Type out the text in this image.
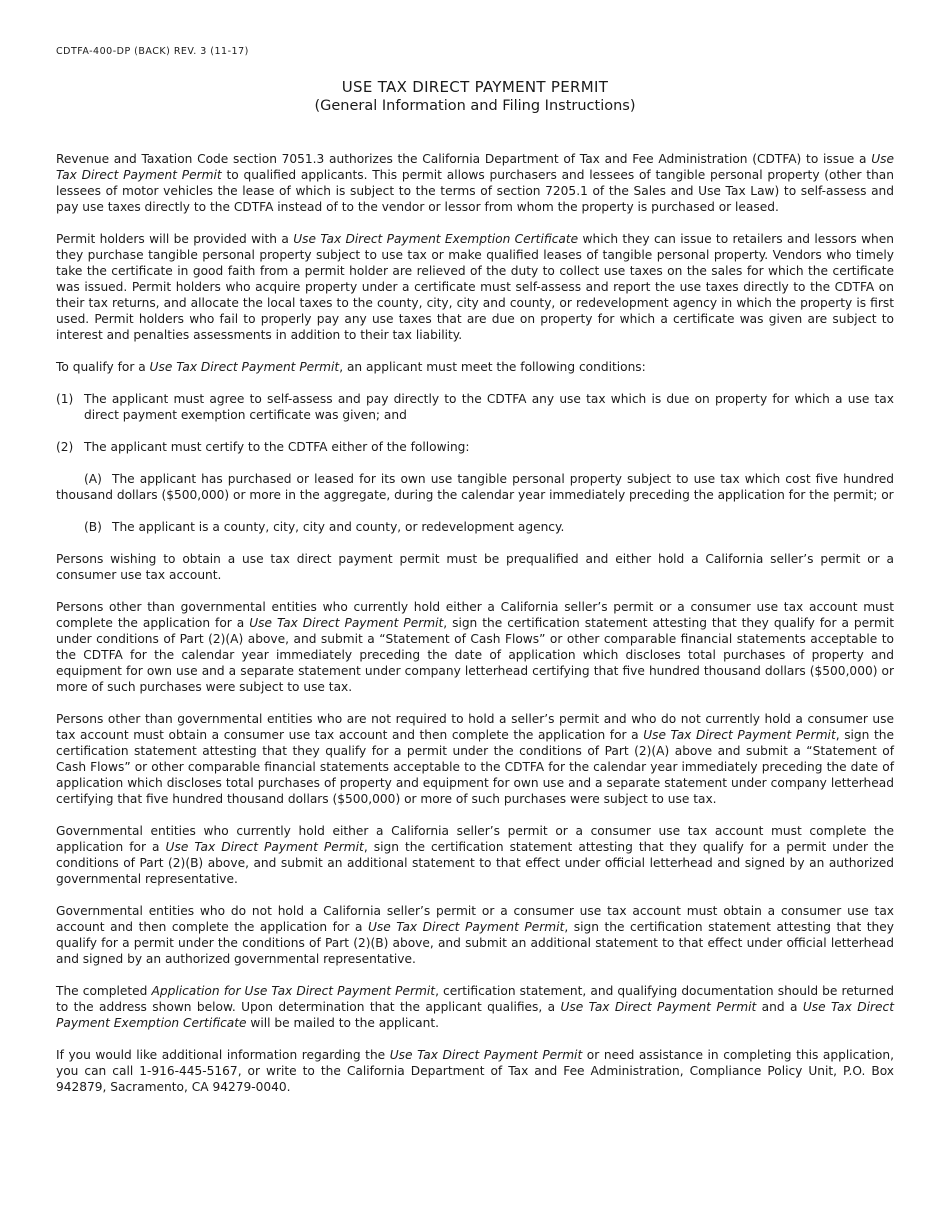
CDTFA-400-DP (BACK) REV. 3 (11-17)
USE TAX DIRECT PAYMENT PERMIT
(General Information and Filing Instructions)

Revenue and Taxation Code section 7051.3 authorizes the California Department of Tax and Fee Administration (CDTFA) to issue a Use Tax Direct Payment Permit to qualified applicants. This permit allows purchasers and lessees of tangible personal property (other than lessees of motor vehicles the lease of which is subject to the terms of section 7205.1 of the Sales and Use Tax Law) to self-assess and pay use taxes directly to the CDTFA instead of to the vendor or lessor from whom the property is purchased or leased.

Permit holders will be provided with a Use Tax Direct Payment Exemption Certificate which they can issue to retailers and lessors when they purchase tangible personal property subject to use tax or make qualified leases of tangible personal property. Vendors who timely take the certificate in good faith from a permit holder are relieved of the duty to collect use taxes on the sales for which the certificate was issued. Permit holders who acquire property under a certificate must self-assess and report the use taxes directly to the CDTFA on their tax returns, and allocate the local taxes to the county, city, city and county, or redevelopment agency in which the property is first used. Permit holders who fail to properly pay any use taxes that are due on property for which a certificate was given are subject to interest and penalties assessments in addition to their tax liability.

To qualify for a Use Tax Direct Payment Permit, an applicant must meet the following conditions:

(1) The applicant must agree to self-assess and pay directly to the CDTFA any use tax which is due on property for which a use tax direct payment exemption certificate was given; and
(2) The applicant must certify to the CDTFA either of the following:
(A) The applicant has purchased or leased for its own use tangible personal property subject to use tax which cost five hundred thousand dollars ($500,000) or more in the aggregate, during the calendar year immediately preceding the application for the permit; or
(B) The applicant is a county, city, city and county, or redevelopment agency.

Persons wishing to obtain a use tax direct payment permit must be prequalified and either hold a California seller’s permit or a consumer use tax account.

Persons other than governmental entities who currently hold either a California seller’s permit or a consumer use tax account must complete the application for a Use Tax Direct Payment Permit, sign the certification statement attesting that they qualify for a permit under conditions of Part (2)(A) above, and submit a “Statement of Cash Flows” or other comparable financial statements acceptable to the CDTFA for the calendar year immediately preceding the date of application which discloses total purchases of property and equipment for own use and a separate statement under company letterhead certifying that five hundred thousand dollars ($500,000) or more of such purchases were subject to use tax.

Persons other than governmental entities who are not required to hold a seller’s permit and who do not currently hold a consumer use tax account must obtain a consumer use tax account and then complete the application for a Use Tax Direct Payment Permit, sign the certification statement attesting that they qualify for a permit under the conditions of Part (2)(A) above and submit a “Statement of Cash Flows” or other comparable financial statements acceptable to the CDTFA for the calendar year immediately preceding the date of application which discloses total purchases of property and equipment for own use and a separate statement under company letterhead certifying that five hundred thousand dollars ($500,000) or more of such purchases were subject to use tax.

Governmental entities who currently hold either a California seller’s permit or a consumer use tax account must complete the application for a Use Tax Direct Payment Permit, sign the certification statement attesting that they qualify for a permit under the conditions of Part (2)(B) above, and submit an additional statement to that effect under official letterhead and signed by an authorized governmental representative.

Governmental entities who do not hold a California seller’s permit or a consumer use tax account must obtain a consumer use tax account and then complete the application for a Use Tax Direct Payment Permit, sign the certification statement attesting that they qualify for a permit under the conditions of Part (2)(B) above, and submit an additional statement to that effect under official letterhead and signed by an authorized governmental representative.

The completed Application for Use Tax Direct Payment Permit, certification statement, and qualifying documentation should be returned to the address shown below. Upon determination that the applicant qualifies, a Use Tax Direct Payment Permit and a Use Tax Direct Payment Exemption Certificate will be mailed to the applicant.

If you would like additional information regarding the Use Tax Direct Payment Permit or need assistance in completing this application, you can call 1-916-445-5167, or write to the California Department of Tax and Fee Administration, Compliance Policy Unit, P.O. Box 942879, Sacramento, CA 94279-0040.
